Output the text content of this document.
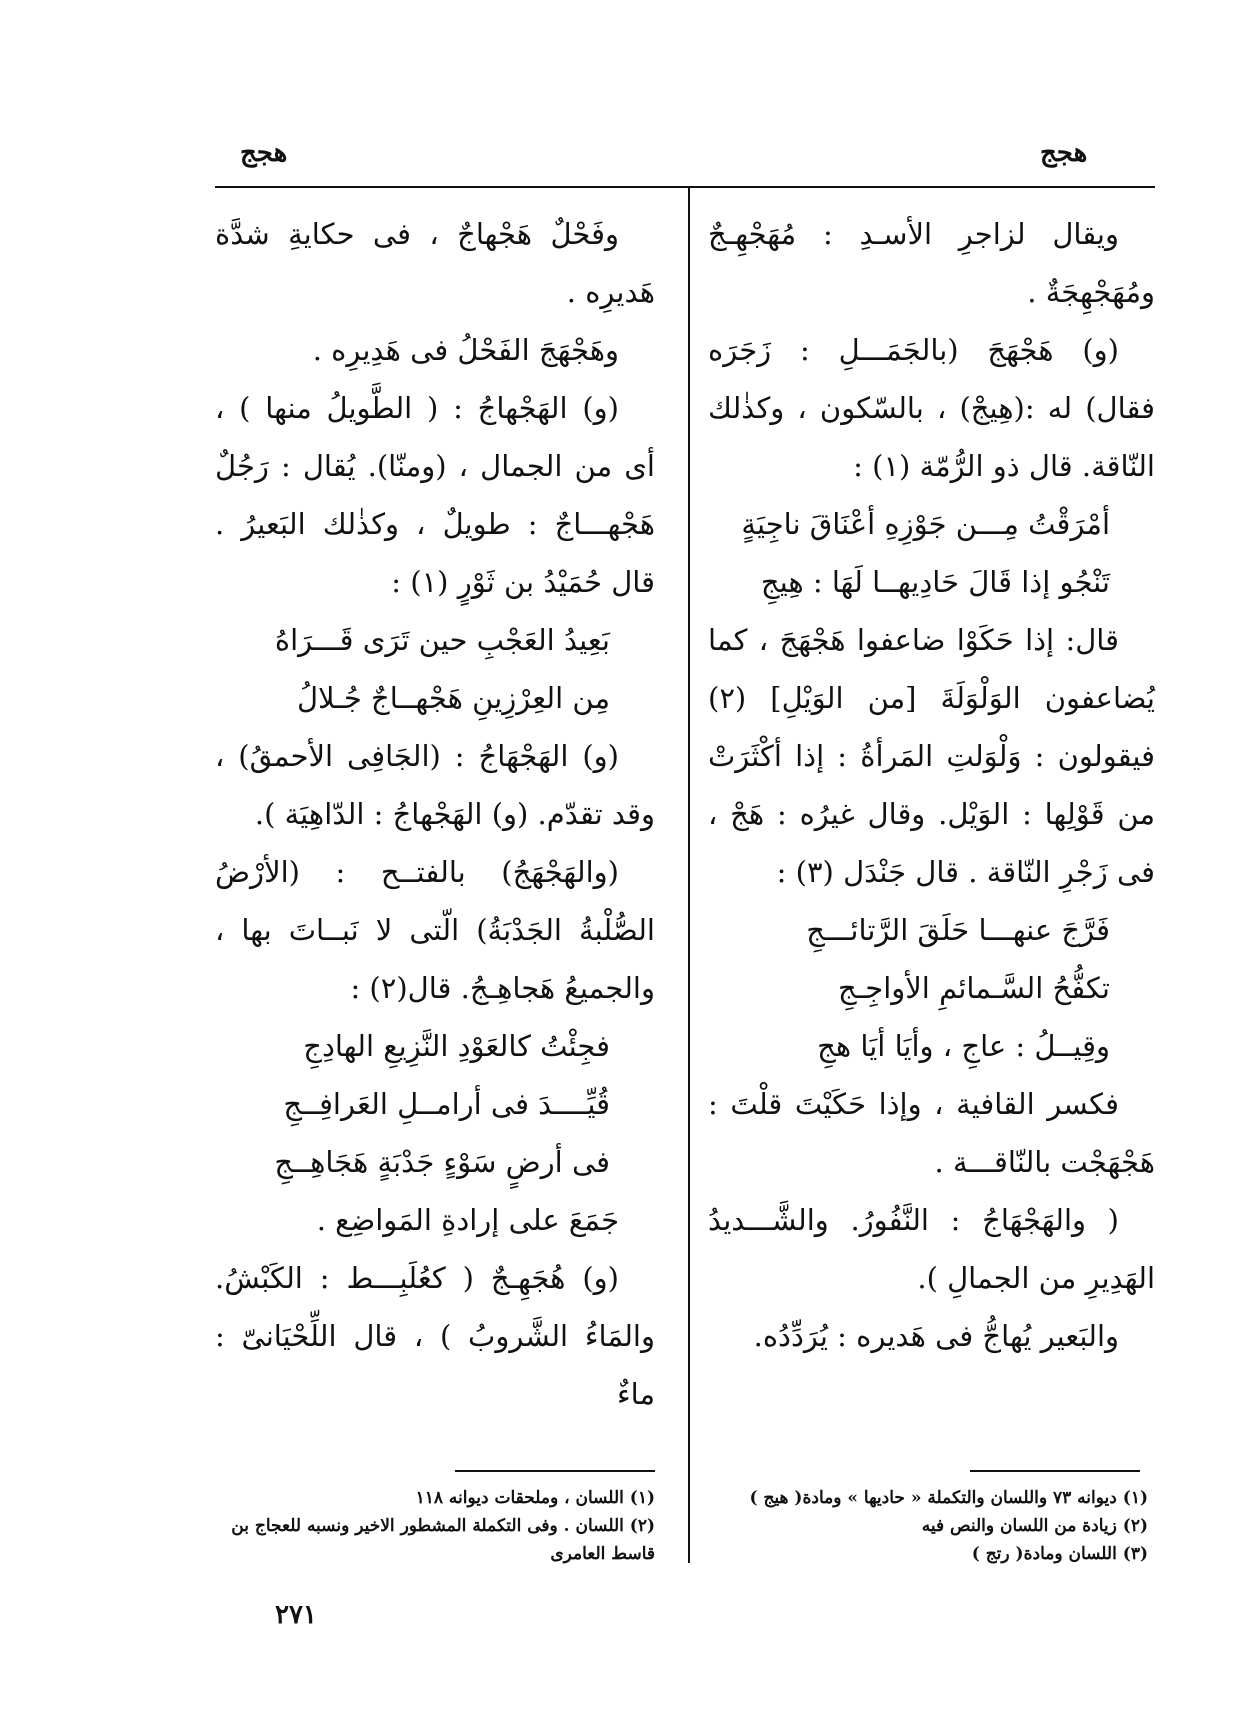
هجج
هجج

ويقال لزاجرِ الأسـدِ : مُهَجْهِـجٌ ومُهَجْهِجَةٌ .

(و) هَجْهَجَ (بالجَمَـــلِ : زَجَرَه فقال) له :(هِيجْ) ، بالسّكون ، وكذٰلك النّاقة. قال ذو الرُّمّة (١) :

أمْرَقْتُ مِـــن جَوْزِهِ أعْنَاقَ ناجِيَةٍ

تَنْجُو إذا قَالَ حَادِيهــا لَهَا : هِيجِ

قال: إذا حَكَوْا ضاعفوا هَجْهَجَ ، كما يُضاعفون الوَلْوَلَةَ [من الوَيْلِ] (٢) فيقولون : وَلْوَلتِ المَرأةُ : إذا أكْثَرَتْ من قَوْلِها : الوَيْل. وقال غيرُه : هَجْ ، فى زَجْرِ النّاقة . قال جَنْدَل (٣) :

فَرَّجَ عنهـــا حَلَقَ الرَّتائـــجِ

تكفُّحُ السَّـمائمِ الأواجِـجِ

وقِيــلُ : عاجِ ، وأيَا أيَا هجِ

فكسر القافية ، وإذا حَكَيْتَ قلْتَ : هَجْهَجْت بالنّاقـــة .

( والهَجْهَاجُ : النَّفُورُ. والشَّـــديدُ الهَدِيرِ من الجمالِ ).

والبَعير يُهاجُّ فى هَديره : يُرَدِّدُه.

وفَحْلٌ هَجْهاجٌ ، فى حكايةِ شدَّة هَديرِه .

وهَجْهَجَ الفَحْلُ فى هَدِيرِه .

(و) الهَجْهاجُ : ( الطَّويلُ منها ) ، أى من الجمال ، (ومنّا). يُقال : رَجُلٌ هَجْهـــاجٌ : طويلٌ ، وكذٰلك البَعيرُ . قال حُمَيْدُ بن ثَوْرٍ (١) :

بَعِيدُ العَجْبِ حين تَرَى قَـــرَاهُ

مِن العِرْزِينِ هَجْهــاجٌ جُـلالُ

(و) الهَجْهَاجُ : (الجَافِى الأحمقُ) ، وقد تقدّم. (و) الهَجْهاجُ : الدّاهِيَة ).

(والهَجْهَجُ) بالفتــح : (الأرْضُ الصُّلْبةُ الجَدْبَةُ) الّتى لا نَبــاتَ بها ، والجميعُ هَجاهِـجُ. قال(٢) :

فجِئْتُ كالعَوْدِ النَّزِيعِ الهادِجِ

قُيِّــــدَ فى أرامــلِ العَرافِــجِ

فى أرضٍ سَوْءٍ جَدْبَةٍ هَجَاهِــجِ

جَمَعَ على إرادةِ المَواضِع .

(و) هُجَهِـجٌ ( كعُلَبِـــط : الكَبْشُ. والمَاءُ الشَّروبُ ) ، قال اللِّحْيَانىّ : ماءٌ

(١) ديوانه ٧٣ واللسان والتكملة « حاديها » ومادة( هيج )

(٢) زيادة من اللسان والنص فيه

(٣) اللسان ومادة( رتج )

(١) اللسان ، وملحقات ديوانه ١١٨

(٢) اللسان . وفى التكملة المشطور الاخير ونسبه للعجاج بن قاسط العامرى

٢٧١
